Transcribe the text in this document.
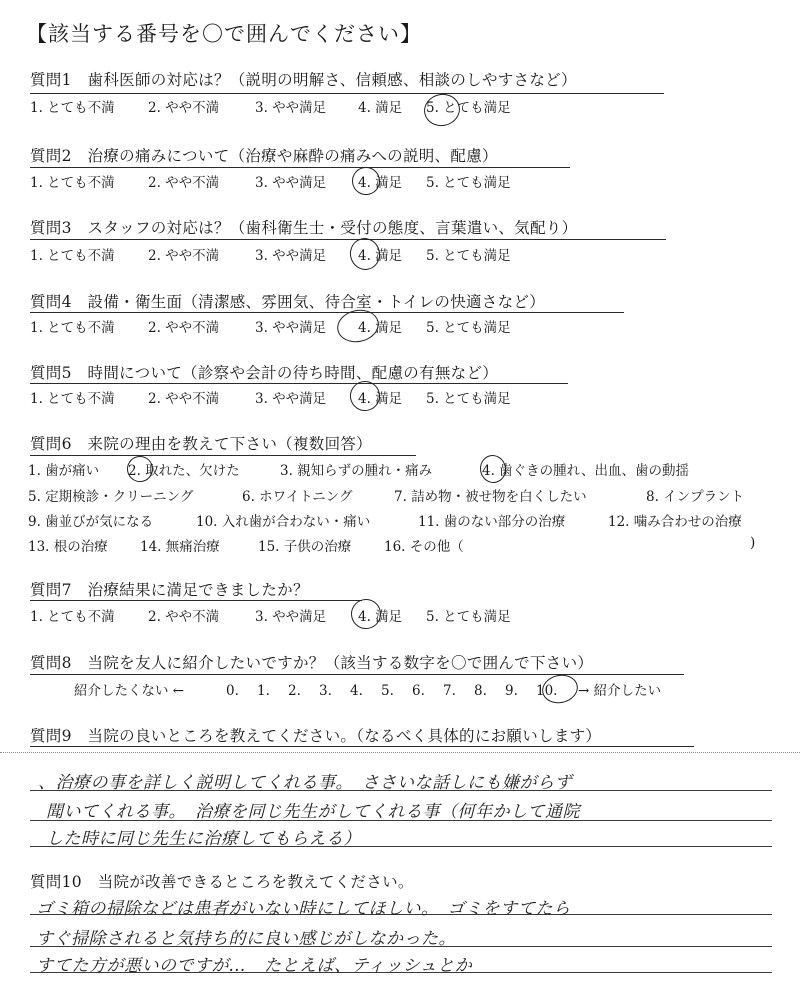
【該当する番号を〇で囲んでください】
質問1　歯科医師の対応は？（説明の明解さ、信頼感、相談のしやすさなど）
1. とても不満 2. やや不満	3. やや満足 4. 満足 5. とても満足
質問2　治療の痛みについて（治療や麻酔の痛みへの説明、配慮）
1. とても不満 2. やや不満	3. やや満足 4. 満足 5. とても満足
質問3　スタッフの対応は？（歯科衛生士・受付の態度、言葉遣い、気配り）
1. とても不満 2. やや不満	3. やや満足 4. 満足 5. とても満足
質問4　設備・衛生面（清潔感、雰囲気、待合室・トイレの快適さなど）
1. とても不満 2. やや不満	3. やや満足 4. 満足 5. とても満足
質問5　時間について（診察や会計の待ち時間、配慮の有無など）
1. とても不満 2. やや不満	3. やや満足 4. 満足 5. とても満足
質問6　来院の理由を教えて下さい（複数回答）
1. 歯が痛い 2. 取れた、欠けた	3. 親知らずの腫れ・痛み	4. 歯ぐきの腫れ、出血、歯の動揺
5. 定期検診・クリーニング	6. ホワイトニング	7. 詰め物・被せ物を白くしたい	8. インプラント
9. 歯並びが気になる	10. 入れ歯が合わない・痛い	11. 歯のない部分の治療	12. 噛み合わせの治療
13. 根の治療 14. 無痛治療	15. 子供の治療 16. その他（	)
質問7　治療結果に満足できましたか？
1. とても不満 2. やや不満	3. やや満足 4. 満足 5. とても満足
質問8　当院を友人に紹介したいですか？（該当する数字を〇で囲んで下さい）
紹介したくない ←	0. 1. 2. 3. 4. 5. 6. 7. 8. 9. 10. → 紹介したい
質問9　当院の良いところを教えてください。（なるべく具体的にお願いします）
、治療の事を詳しく説明してくれる事。　ささいな話しにも嫌がらず
聞いてくれる事。　治療を同じ先生がしてくれる事（何年かして通院
した時に同じ先生に治療してもらえる）
質問10　当院が改善できるところを教えてください。
ゴミ箱の掃除などは患者がいない時にしてほしい。　ゴミをすてたら
すぐ掃除されると気持ち的に良い感じがしなかった。
すてた方が悪いのですが…　たとえば、ティッシュとか
